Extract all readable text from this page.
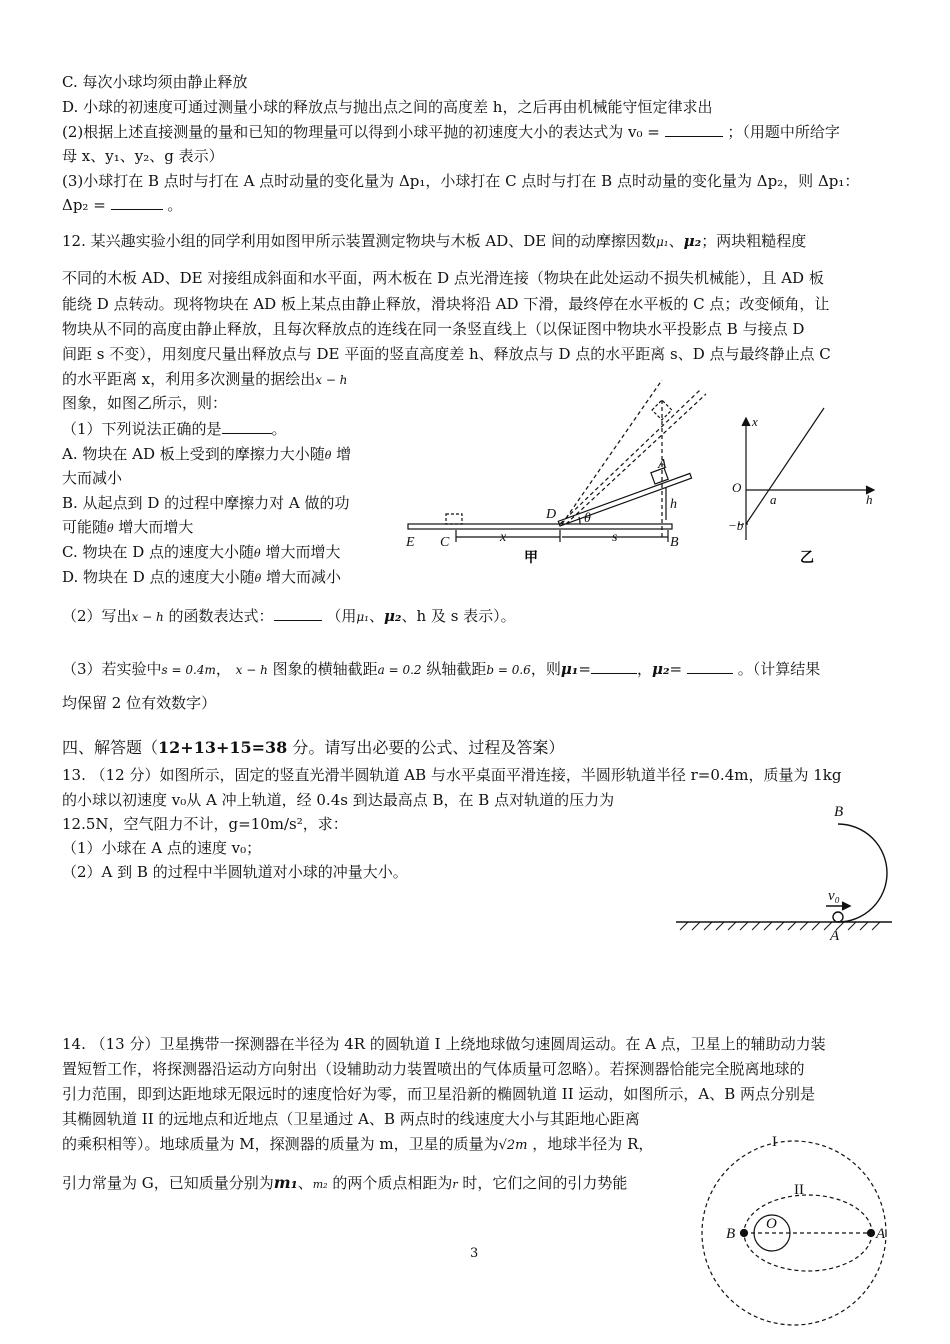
C. 每次小球均须由静止释放
D. 小球的初速度可通过测量小球的释放点与抛出点之间的高度差 h，之后再由机械能守恒定律求出
(2)根据上述直接测量的量和已知的物理量可以得到小球平抛的初速度大小的表达式为 v₀ =	；（用题中所给字
母 x、y₁、y₂、g 表示）
(3)小球打在 B 点时与打在 A 点时动量的变化量为 Δp₁，小球打在 C 点时与打在 B 点时动量的变化量为 Δp₂，则 Δp₁：
Δp₂ =	。
12. 某兴趣实验小组的同学利用如图甲所示装置测定物块与木板 AD、DE 间的动摩擦因数μ₁、μ₂；两块粗糙程度
不同的木板 AD、DE 对接组成斜面和水平面，两木板在 D 点光滑连接（物块在此处运动不损失机械能），且 AD 板
能绕 D 点转动。现将物块在 AD 板上某点由静止释放，滑块将沿 AD 下滑，最终停在水平板的 C 点；改变倾角，让
物块从不同的高度由静止释放，且每次释放点的连线在同一条竖直线上（以保证图中物块水平投影点 B 与接点 D
间距 s 不变），用刻度尺量出释放点与 DE 平面的竖直高度差 h、释放点与 D 点的水平距离 s、D 点与最终静止点 C
的水平距离 x，利用多次测量的据绘出x − h
图象，如图乙所示，则：
（1）下列说法正确的是	。
A. 物块在 AD 板上受到的摩擦力大小随θ 增
大而减小
B. 从起点到 D 的过程中摩擦力对 A 做的功
可能随θ 增大而增大
C. 物块在 D 点的速度大小随θ 增大而增大
D. 物块在 D 点的速度大小随θ 增大而减小
A
D θ
h
E C	x	s	B
甲
x
O
a	h
−b
乙
（2）写出x − h 的函数表达式：	（用μ₁、μ₂、h 及 s 表示）。
（3）若实验中s = 0.4m， x − h 图象的横轴截距a = 0.2 纵轴截距b = 0.6，则μ₁=	，μ₂=	。（计算结果
均保留 2 位有效数字）
四、解答题（12+13+15=38 分。请写出必要的公式、过程及答案）
13. （12 分）如图所示，固定的竖直光滑半圆轨道 AB 与水平桌面平滑连接，半圆形轨道半径 r=0.4m，质量为 1kg
的小球以初速度 v₀从 A 冲上轨道，经 0.4s 到达最高点 B，在 B 点对轨道的压力为
12.5N，空气阻力不计，g=10m/s²，求：
（1）小球在 A 点的速度 v₀；
（2）A 到 B 的过程中半圆轨道对小球的冲量大小。
B
v₀
A
14. （13 分）卫星携带一探测器在半径为 4R 的圆轨道 I 上绕地球做匀速圆周运动。在 A 点，卫星上的辅助动力装
置短暂工作，将探测器沿运动方向射出（设辅助动力装置喷出的气体质量可忽略）。若探测器恰能完全脱离地球的
引力范围，即到达距地球无限远时的速度恰好为零，而卫星沿新的椭圆轨道 II 运动，如图所示，A、B 两点分别是
其椭圆轨道 II 的远地点和近地点（卫星通过 A、B 两点时的线速度大小与其距地心距离
的乘积相等）。地球质量为 M，探测器的质量为 m，卫星的质量为√2m ，地球半径为 R，
引力常量为 G，已知质量分别为m₁、m₂ 的两个质点相距为r 时，它们之间的引力势能
I
II
O
A
B
3
